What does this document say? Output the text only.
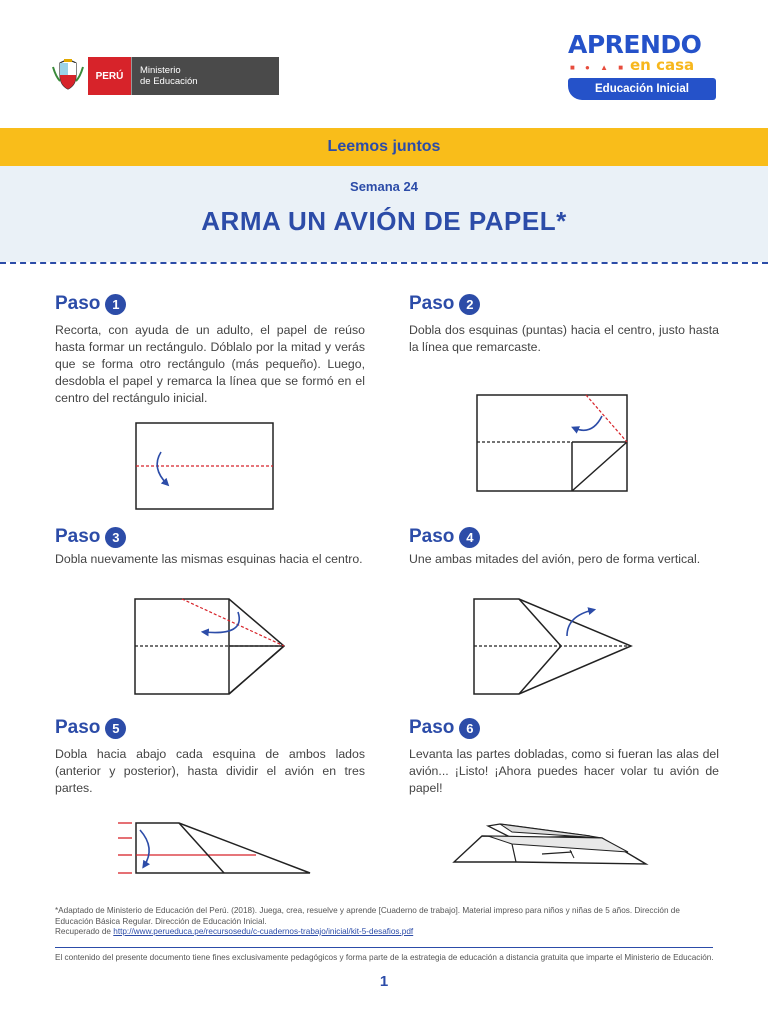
PERÚ	Ministerio
de Educación
APRENDO
■ ● ▲ ■ en casa
Educación Inicial
Leemos juntos
Semana 24
ARMA UN AVIÓN DE PAPEL*
Paso 1
Recorta, con ayuda de un adulto, el papel de reúso hasta formar un rectángulo. Dóblalo por la mitad y verás que se forma otro rectángulo (más pequeño). Luego, desdobla el papel y remarca la línea que se formó en el centro del rectángulo inicial.
Paso 2
Dobla dos esquinas (puntas) hacia el centro, justo hasta la línea que remarcaste.
Paso 3
Dobla nuevamente las mismas esquinas hacia el centro.
Paso 4
Une ambas mitades del avión, pero de forma vertical.
Paso 5
Dobla hacia abajo cada esquina de ambos lados (anterior y posterior), hasta dividir el avión en tres partes.
Paso 6
Levanta las partes dobladas, como si fueran las alas del avión... ¡Listo! ¡Ahora puedes hacer volar tu avión de papel!
*Adaptado de Ministerio de Educación del Perú. (2018). Juega, crea, resuelve y aprende [Cuaderno de trabajo]. Material impreso para niños y niñas de 5 años. Dirección de Educación Básica Regular. Dirección de Educación Inicial.
Recuperado de http://www.perueduca.pe/recursosedu/c-cuadernos-trabajo/inicial/kit-5-desafios.pdf
El contenido del presente documento tiene fines exclusivamente pedagógicos y forma parte de la estrategia de educación a distancia gratuita que imparte el Ministerio de Educación.
1
